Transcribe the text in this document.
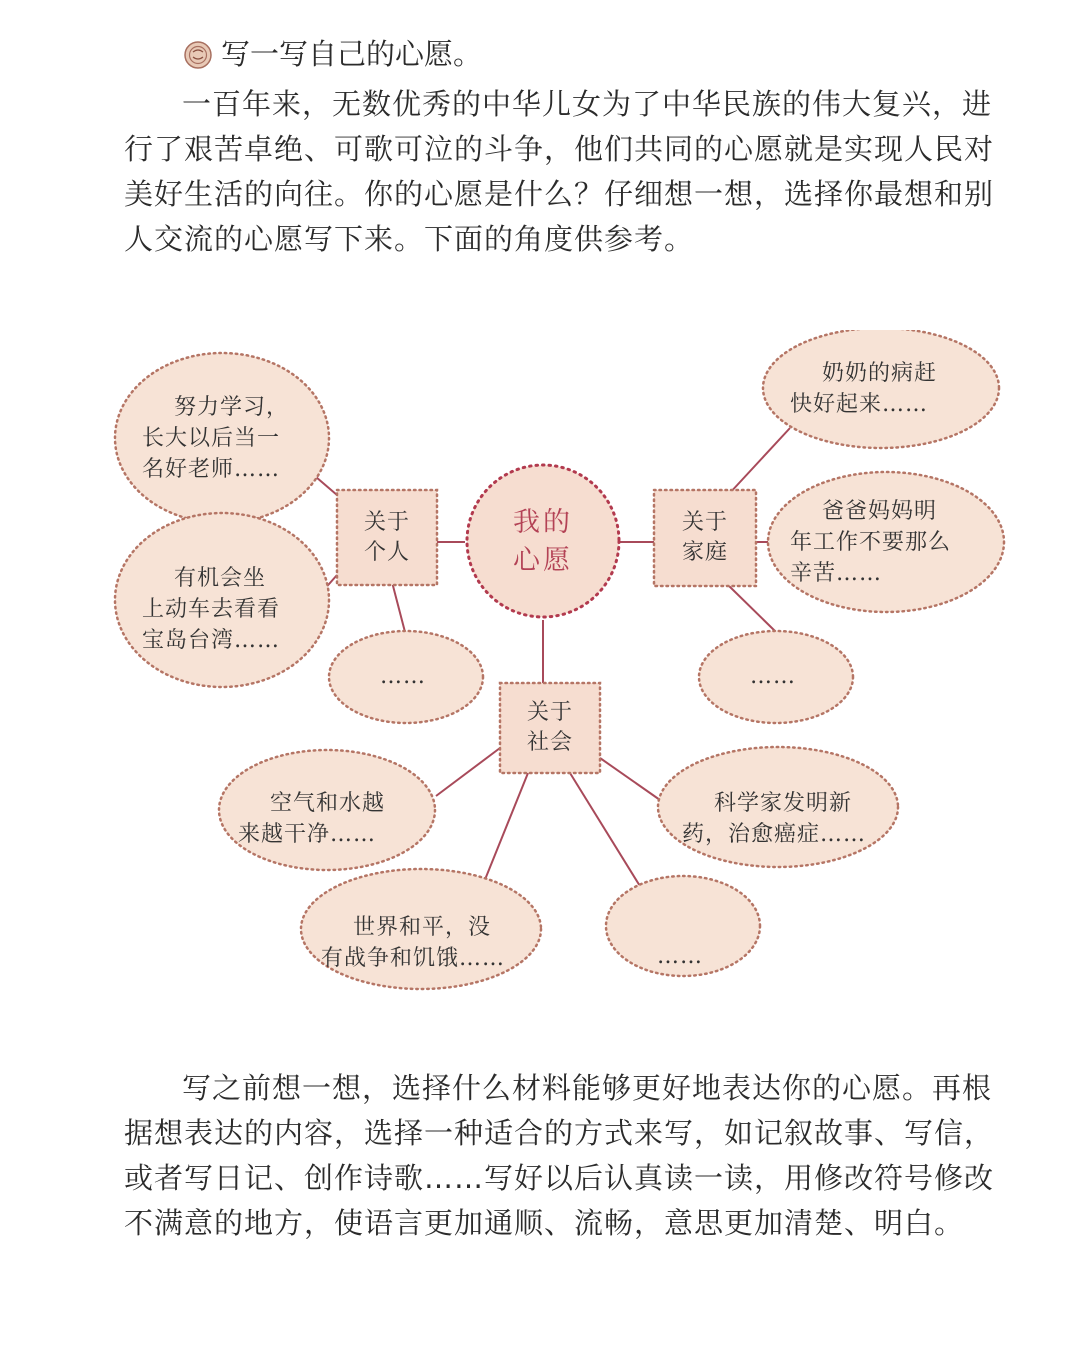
写一写自己的心愿。

一百年来，无数优秀的中华儿女为了中华民族的伟大复兴，进行了艰苦卓绝、可歌可泣的斗争，他们共同的心愿就是实现人民对美好生活的向往。你的心愿是什么？仔细想一想，选择你最想和别人交流的心愿写下来。下面的角度供参考。

我的
心愿
关于
个人
关于
家庭
关于
社会
努力学习，
长大以后当一
名好老师……
有机会坐
上动车去看看
宝岛台湾……
……
奶奶的病赶
快好起来……
爸爸妈妈明
年工作不要那么
辛苦……
……
空气和水越
来越干净……
科学家发明新
药，治愈癌症……
世界和平，没
有战争和饥饿……	……

写之前想一想，选择什么材料能够更好地表达你的心愿。再根据想表达的内容，选择一种适合的方式来写，如记叙故事、写信，或者写日记、创作诗歌……写好以后认真读一读，用修改符号修改不满意的地方，使语言更加通顺、流畅，意思更加清楚、明白。
